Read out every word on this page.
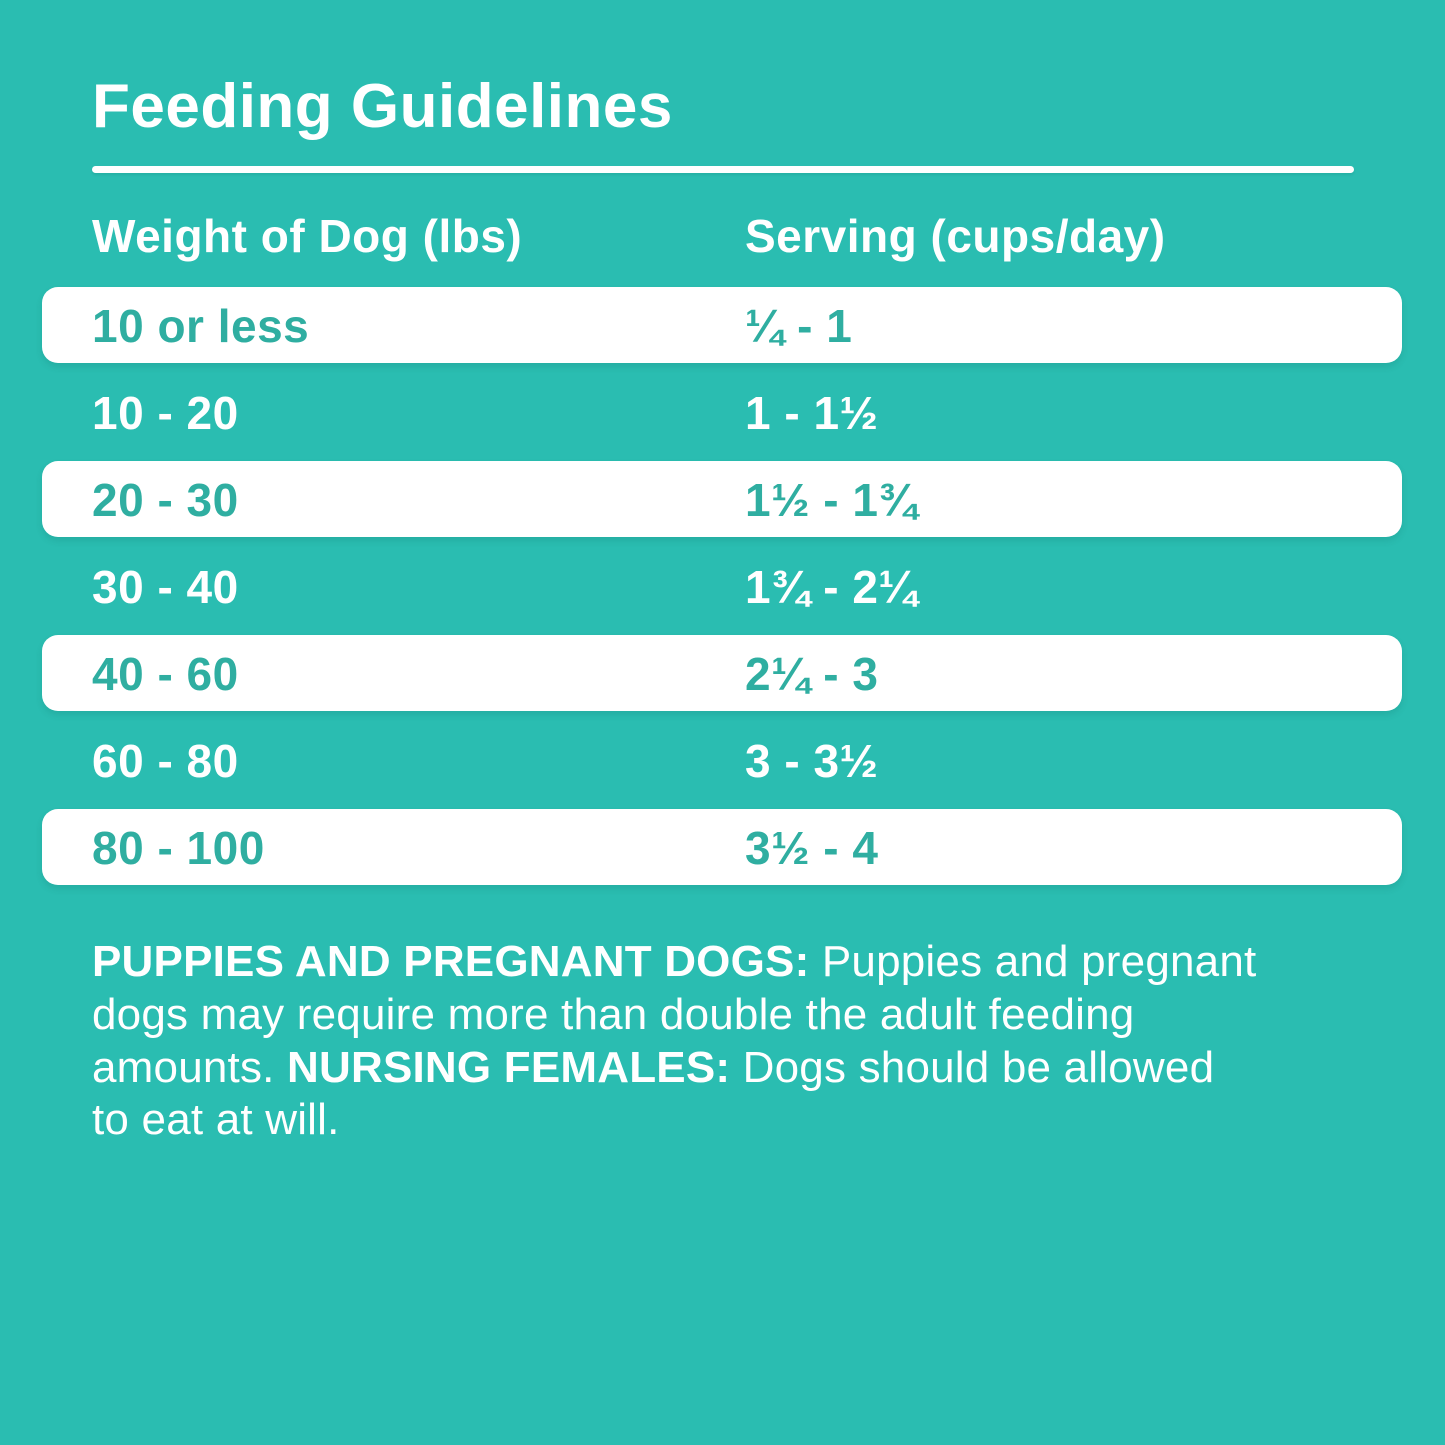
Feeding Guidelines
Weight of Dog (lbs)	Serving (cups/day)
10 or less	¼ - 1
10 - 20	1 - 1½
20 - 30	1½ - 1¾
30 - 40	1¾ - 2¼
40 - 60	2¼ - 3
60 - 80	3 - 3½
80 - 100	3½ - 4

PUPPIES AND PREGNANT DOGS: Puppies and pregnant
dogs may require more than double the adult feeding
amounts. NURSING FEMALES: Dogs should be allowed
to eat at will.
